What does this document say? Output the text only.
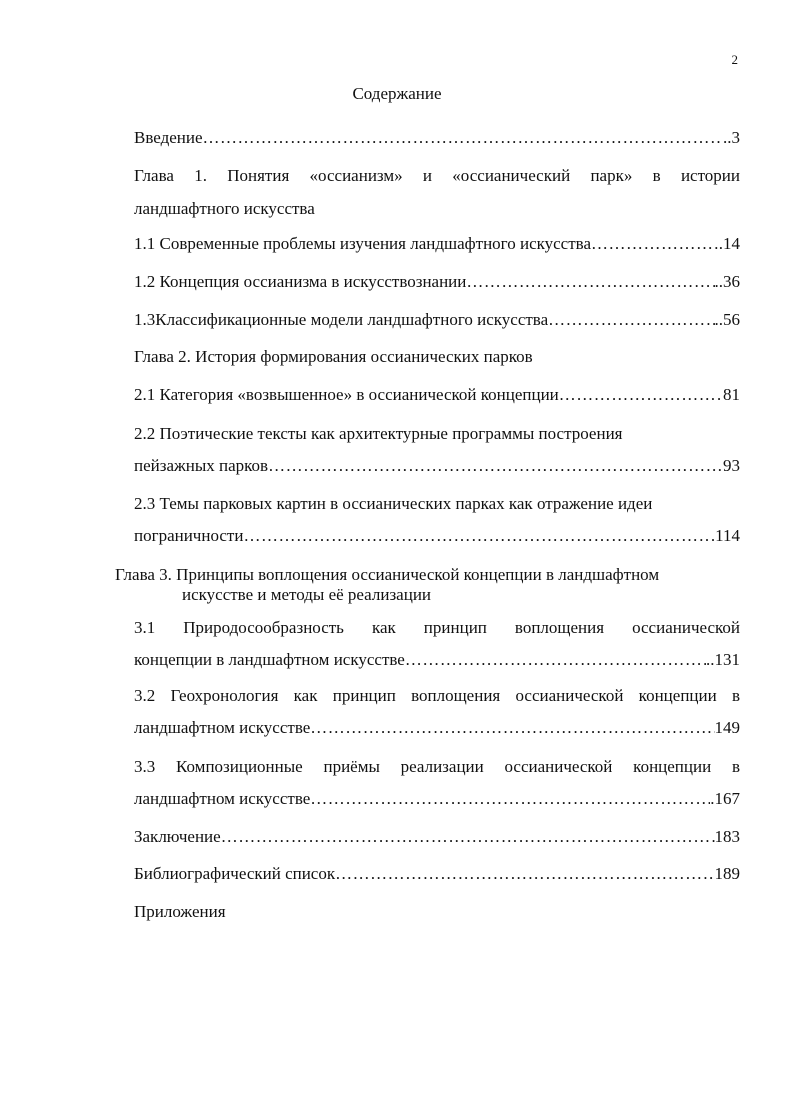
2
Содержание
Введение ……………………………………………………………………………………………………………………………………………………………………………	..3
Глава 1. Понятия «оссианизм» и «оссианический парк» в истории
ландшафтного искусства
1.1 Современные проблемы изучения ландшафтного искусства ……………………………………………………………………………………………………………………………………………………………………………	.14
1.2 Концепция оссианизма в искусствознании ……………………………………………………………………………………………………………………………………………………………………………	..36
1.3Классификационные модели ландшафтного искусства ……………………………………………………………………………………………………………………………………………………………………………	..56
Глава 2. История формирования оссианических парков
2.1 Категория «возвышенное» в оссианической концепции ……………………………………………………………………………………………………………………………………………………………………………	81
2.2 Поэтические тексты как архитектурные программы построения
пейзажных парков ……………………………………………………………………………………………………………………………………………………………………………	93
2.3 Темы парковых картин в оссианических парках как отражение идеи
пограничности ……………………………………………………………………………………………………………………………………………………………………………	.114
Глава 3. Принципы воплощения оссианической концепции в ландшафтном
искусстве и методы её реализации
3.1 Природосообразность как принцип воплощения оссианической
концепции в ландшафтном искусстве ……………………………………………………………………………………………………………………………………………………………………………	..131
3.2 Геохронология как принцип воплощения оссианической концепции в
ландшафтном искусстве ……………………………………………………………………………………………………………………………………………………………………………	149
3.3 Композиционные приёмы реализации оссианической концепции в
ландшафтном искусстве ……………………………………………………………………………………………………………………………………………………………………………	.167
Заключение ……………………………………………………………………………………………………………………………………………………………………………	183
Библиографический список ……………………………………………………………………………………………………………………………………………………………………………	189
Приложения
